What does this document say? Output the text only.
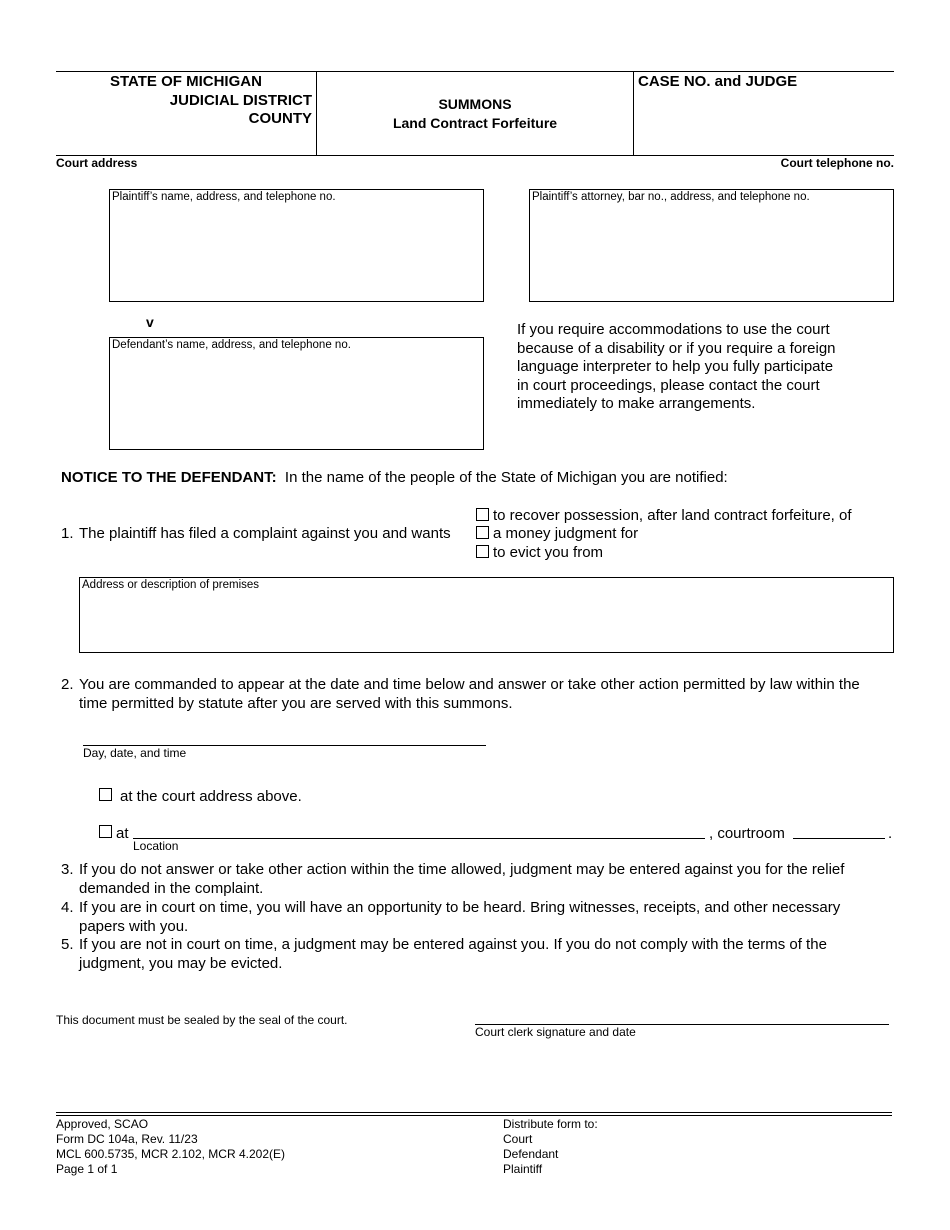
STATE OF MICHIGAN
JUDICIAL DISTRICT
COUNTY
SUMMONS
Land Contract Forfeiture
CASE NO. and JUDGE
Court address	Court telephone no.
Plaintiff’s name, address, and telephone no.	Plaintiff’s attorney, bar no., address, and telephone no.
v
Defendant’s name, address, and telephone no.
If you require accommodations to use the court
because of a disability or if you require a foreign
language interpreter to help you fully participate
in court proceedings, please contact the court
immediately to make arrangements.
NOTICE TO THE DEFENDANT: In the name of the people of the State of Michigan you are notified:
1. The plaintiff has filed a complaint against you and wants
to recover possession, after land contract forfeiture, of
a money judgment for
to evict you from
Address or description of premises
2. You are commanded to appear at the date and time below and answer or take other action permitted by law within the
time permitted by statute after you are served with this summons.
Day, date, and time
at the court address above.
at
Location
, courtroom	.
3. If you do not answer or take other action within the time allowed, judgment may be entered against you for the relief
demanded in the complaint.
4. If you are in court on time, you will have an opportunity to be heard. Bring witnesses, receipts, and other necessary
papers with you.
5. If you are not in court on time, a judgment may be entered against you. If you do not comply with the terms of the
judgment, you may be evicted.
This document must be sealed by the seal of the court.
Court clerk signature and date
Approved, SCAO
Form DC 104a, Rev. 11/23
MCL 600.5735, MCR 2.102, MCR 4.202(E)
Page 1 of 1
Distribute form to:
Court
Defendant
Plaintiff
